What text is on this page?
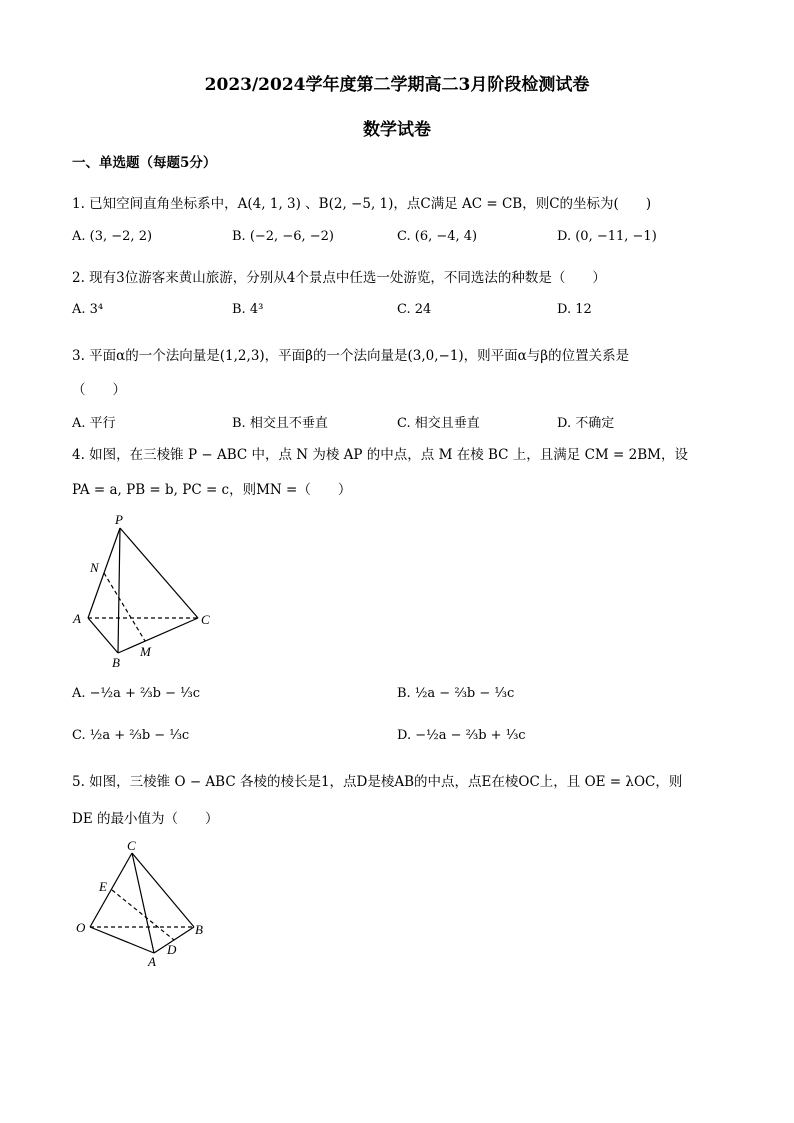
2023/2024学年度第二学期高二3月阶段检测试卷
数学试卷
一、单选题（每题5分）
1. 已知空间直角坐标系中，A(4, 1, 3) 、B(2, −5, 1)，点C满足 AC = CB，则C的坐标为(　　)
A. (3, −2, 2)	B. (−2, −6, −2)	C. (6, −4, 4)	D. (0, −11, −1)
2. 现有3位游客来黄山旅游，分别从4个景点中任选一处游览，不同选法的种数是（　　）
A. 3⁴	B. 4³	C. 24	D. 12
3. 平面α的一个法向量是(1,2,3)，平面β的一个法向量是(3,0,−1)，则平面α与β的位置关系是
（　　）
A. 平行	B. 相交且不垂直	C. 相交且垂直	D. 不确定
4. 如图，在三棱锥 P − ABC 中，点 N 为棱 AP 的中点，点 M 在棱 BC 上，且满足 CM = 2BM，设
PA = a, PB = b, PC = c，则MN =（　　）
P
N
A	C
B
M
A. −½a + ⅔b − ⅓c	B. ½a − ⅔b − ⅓c
C. ½a + ⅔b − ⅓c	D. −½a − ⅔b + ⅓c
5. 如图，三棱锥 O − ABC 各棱的棱长是1，点D是棱AB的中点，点E在棱OC上，且 OE = λOC，则
DE 的最小值为（　　）
C
E
O	B
A
D
